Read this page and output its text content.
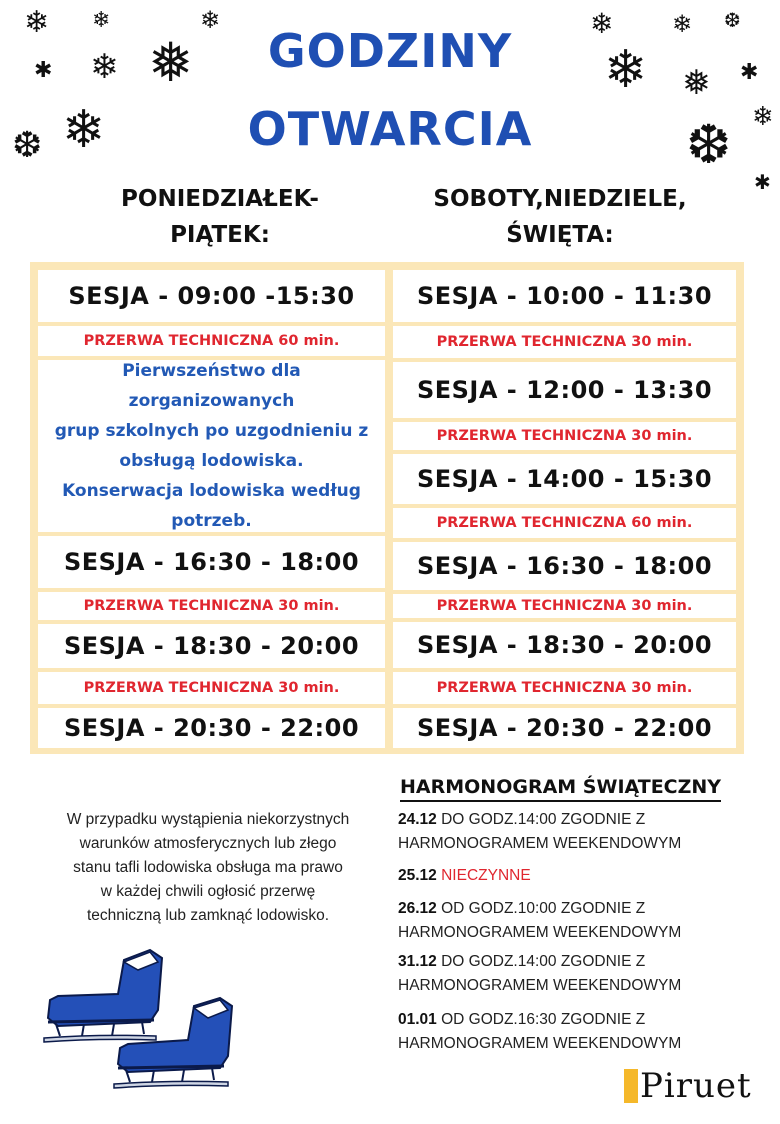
❄ ❄	❄
✱ ❄ ❅
❆ ❄
❄ ❄ ❆
❄ ❅ ✱
❆ ❄
✱
GODZINY
OTWARCIA
PONIEDZIAŁEK-
PIĄTEK:
SOBOTY,NIEDZIELE,
ŚWIĘTA:
SESJA - 09:00 -15:30
PRZERWA TECHNICZNA 60 min.
Pierwszeństwo dla zorganizowanych
grup szkolnych po uzgodnieniu z
obsługą lodowiska.
Konserwacja lodowiska według
potrzeb.
SESJA - 16:30 - 18:00
PRZERWA TECHNICZNA 30 min.
SESJA - 18:30 - 20:00
PRZERWA TECHNICZNA 30 min.
SESJA - 20:30 - 22:00
SESJA - 10:00 - 11:30
PRZERWA TECHNICZNA 30 min.
SESJA - 12:00 - 13:30
PRZERWA TECHNICZNA 30 min.
SESJA - 14:00 - 15:30
PRZERWA TECHNICZNA 60 min.
SESJA - 16:30 - 18:00
PRZERWA TECHNICZNA 30 min.
SESJA - 18:30 - 20:00
PRZERWA TECHNICZNA 30 min.
SESJA - 20:30 - 22:00
W przypadku wystąpienia niekorzystnych
warunków atmosferycznych lub złego
stanu tafli lodowiska obsługa ma prawo
w każdej chwili ogłosić przerwę
techniczną lub zamknąć lodowisko.
HARMONOGRAM ŚWIĄTECZNY
24.12 DO GODZ.14:00 ZGODNIE Z
HARMONOGRAMEM WEEKENDOWYM
25.12 NIECZYNNE
26.12 OD GODZ.10:00 ZGODNIE Z
HARMONOGRAMEM WEEKENDOWYM
31.12 DO GODZ.14:00 ZGODNIE Z
HARMONOGRAMEM WEEKENDOWYM
01.01 OD GODZ.16:30 ZGODNIE Z
HARMONOGRAMEM WEEKENDOWYM
Piruet
